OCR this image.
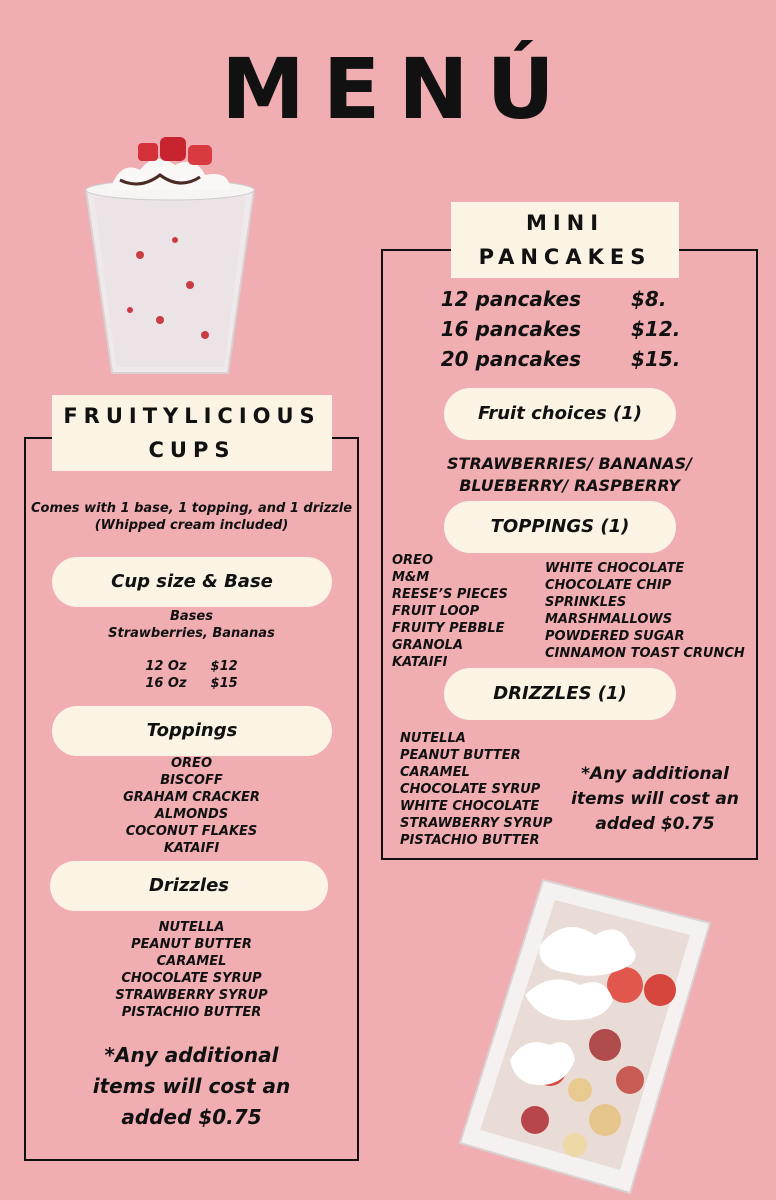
MENÚ
FRUITYLICIOUS
CUPS
Comes with 1 base, 1 topping, and 1 drizzle
(Whipped cream included)
Cup size & Base
Bases
Strawberries, Bananas
12 Oz $12
16 Oz $15
Toppings
OREO
BISCOFF
GRAHAM CRACKER
ALMONDS
COCONUT FLAKES
KATAIFI
Drizzles
NUTELLA
PEANUT BUTTER
CARAMEL
CHOCOLATE SYRUP
STRAWBERRY SYRUP
PISTACHIO BUTTER
*Any additional
items will cost an
added $0.75
MINI
PANCAKES
12 pancakes	$8.
16 pancakes	$12.
20 pancakes	$15.
Fruit choices (1)
STRAWBERRIES/ BANANAS/
BLUEBERRY/ RASPBERRY
TOPPINGS (1)
OREO
M&M
REESE’S PIECES
FRUIT LOOP
FRUITY PEBBLE
GRANOLA
KATAIFI
WHITE CHOCOLATE
CHOCOLATE CHIP
SPRINKLES
MARSHMALLOWS
POWDERED SUGAR
CINNAMON TOAST CRUNCH
DRIZZLES (1)
NUTELLA
PEANUT BUTTER
CARAMEL
CHOCOLATE SYRUP
WHITE CHOCOLATE
STRAWBERRY SYRUP
PISTACHIO BUTTER
*Any additional
items will cost an
added $0.75
